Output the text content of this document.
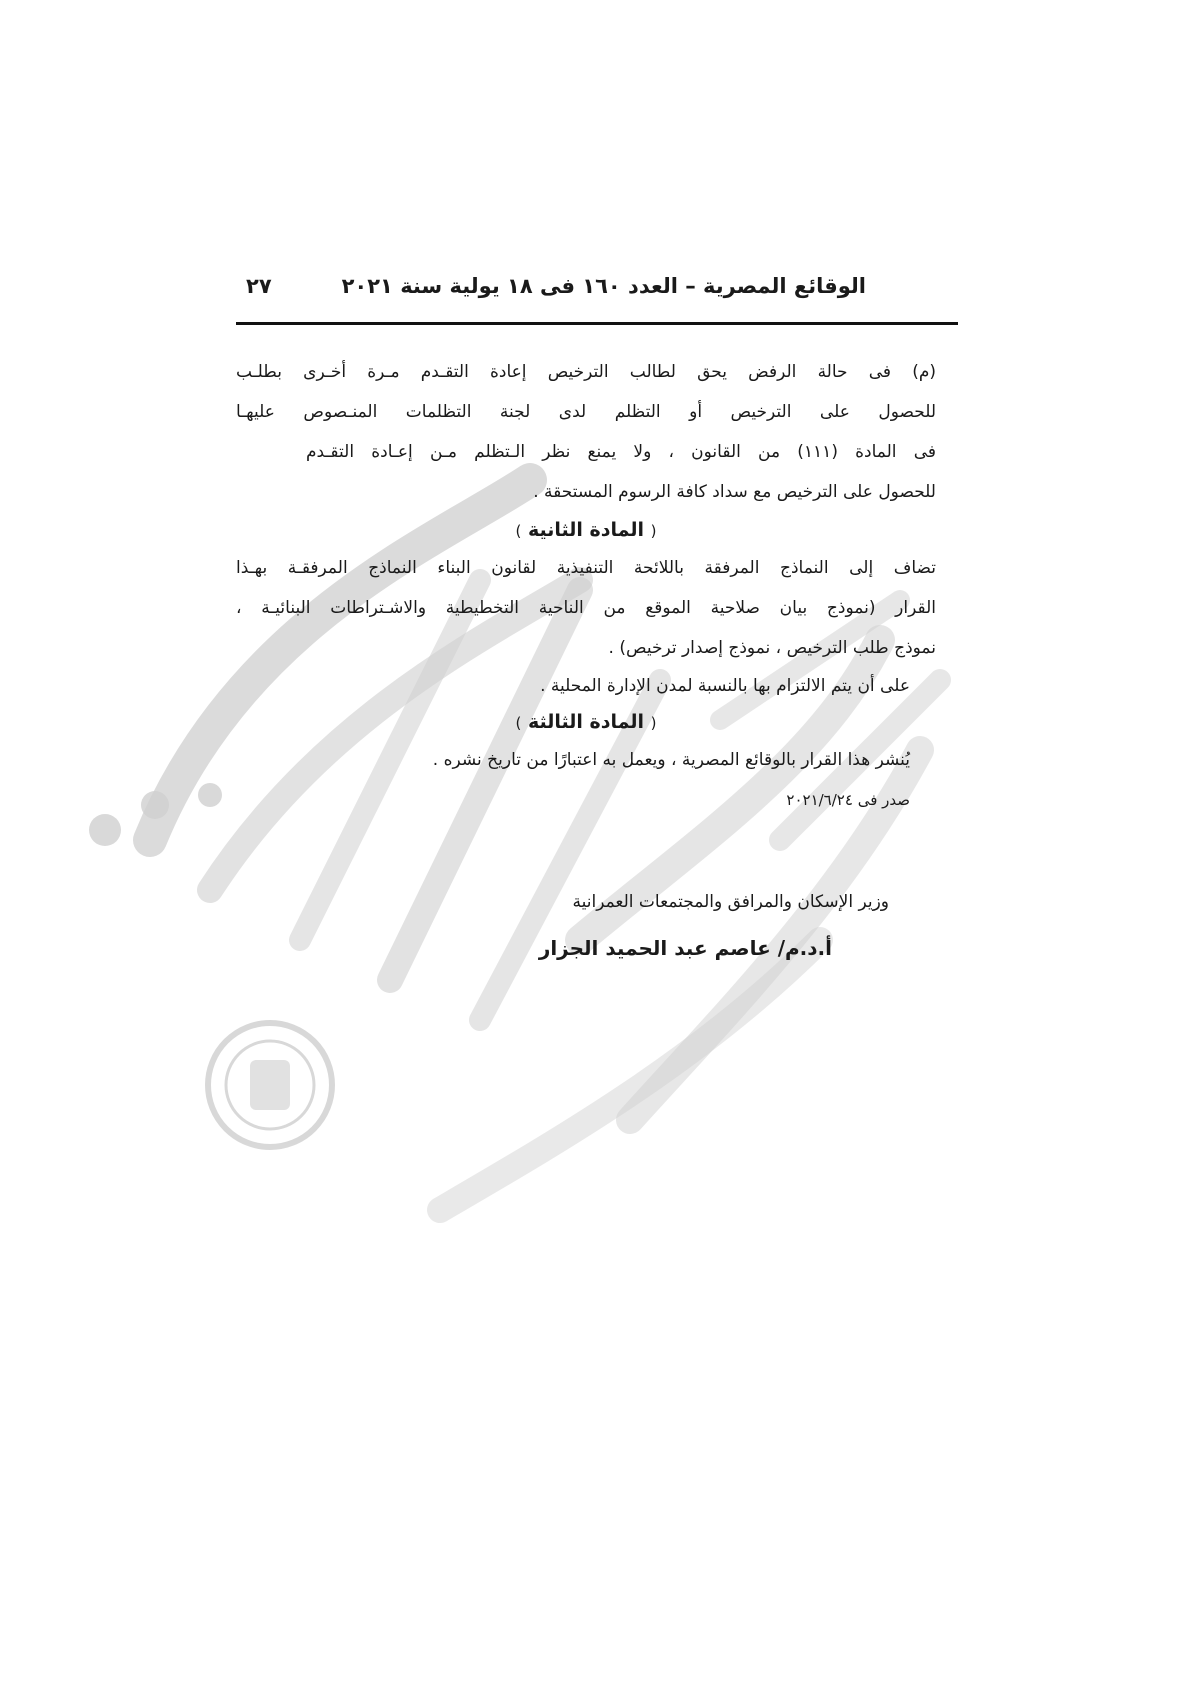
الوقائع المصرية – العدد ١٦٠ فى ١٨ يولية سنة ٢٠٢١
٢٧
(م) فى حالة الرفض يحق لطالب الترخيص إعادة التقـدم مـرة أخـرى بطلـب
للحصول على الترخيص أو التظلم لدى لجنة التظلمات المنـصوص عليهـا
فى المادة (١١١) من القانون ، ولا يمنع نظر الـتظلم مـن إعـادة التقـدم
للحصول على الترخيص مع سداد كافة الرسوم المستحقة .
( المادة الثانية )
تضاف إلى النماذج المرفقة باللائحة التنفيذية لقانون البناء النماذج المرفقـة بهـذا
القرار (نموذج بيان صلاحية الموقع من الناحية التخطيطية والاشـتراطات البنائيـة ،
نموذج طلب الترخيص ، نموذج إصدار ترخيص) .
على أن يتم الالتزام بها بالنسبة لمدن الإدارة المحلية .
( المادة الثالثة )
يُنشر هذا القرار بالوقائع المصرية ، ويعمل به اعتبارًا من تاريخ نشره .
صدر فى ٢٠٢١/٦/٢٤
وزير الإسكان والمرافق والمجتمعات العمرانية
أ.د.م/ عاصم عبد الحميد الجزار
